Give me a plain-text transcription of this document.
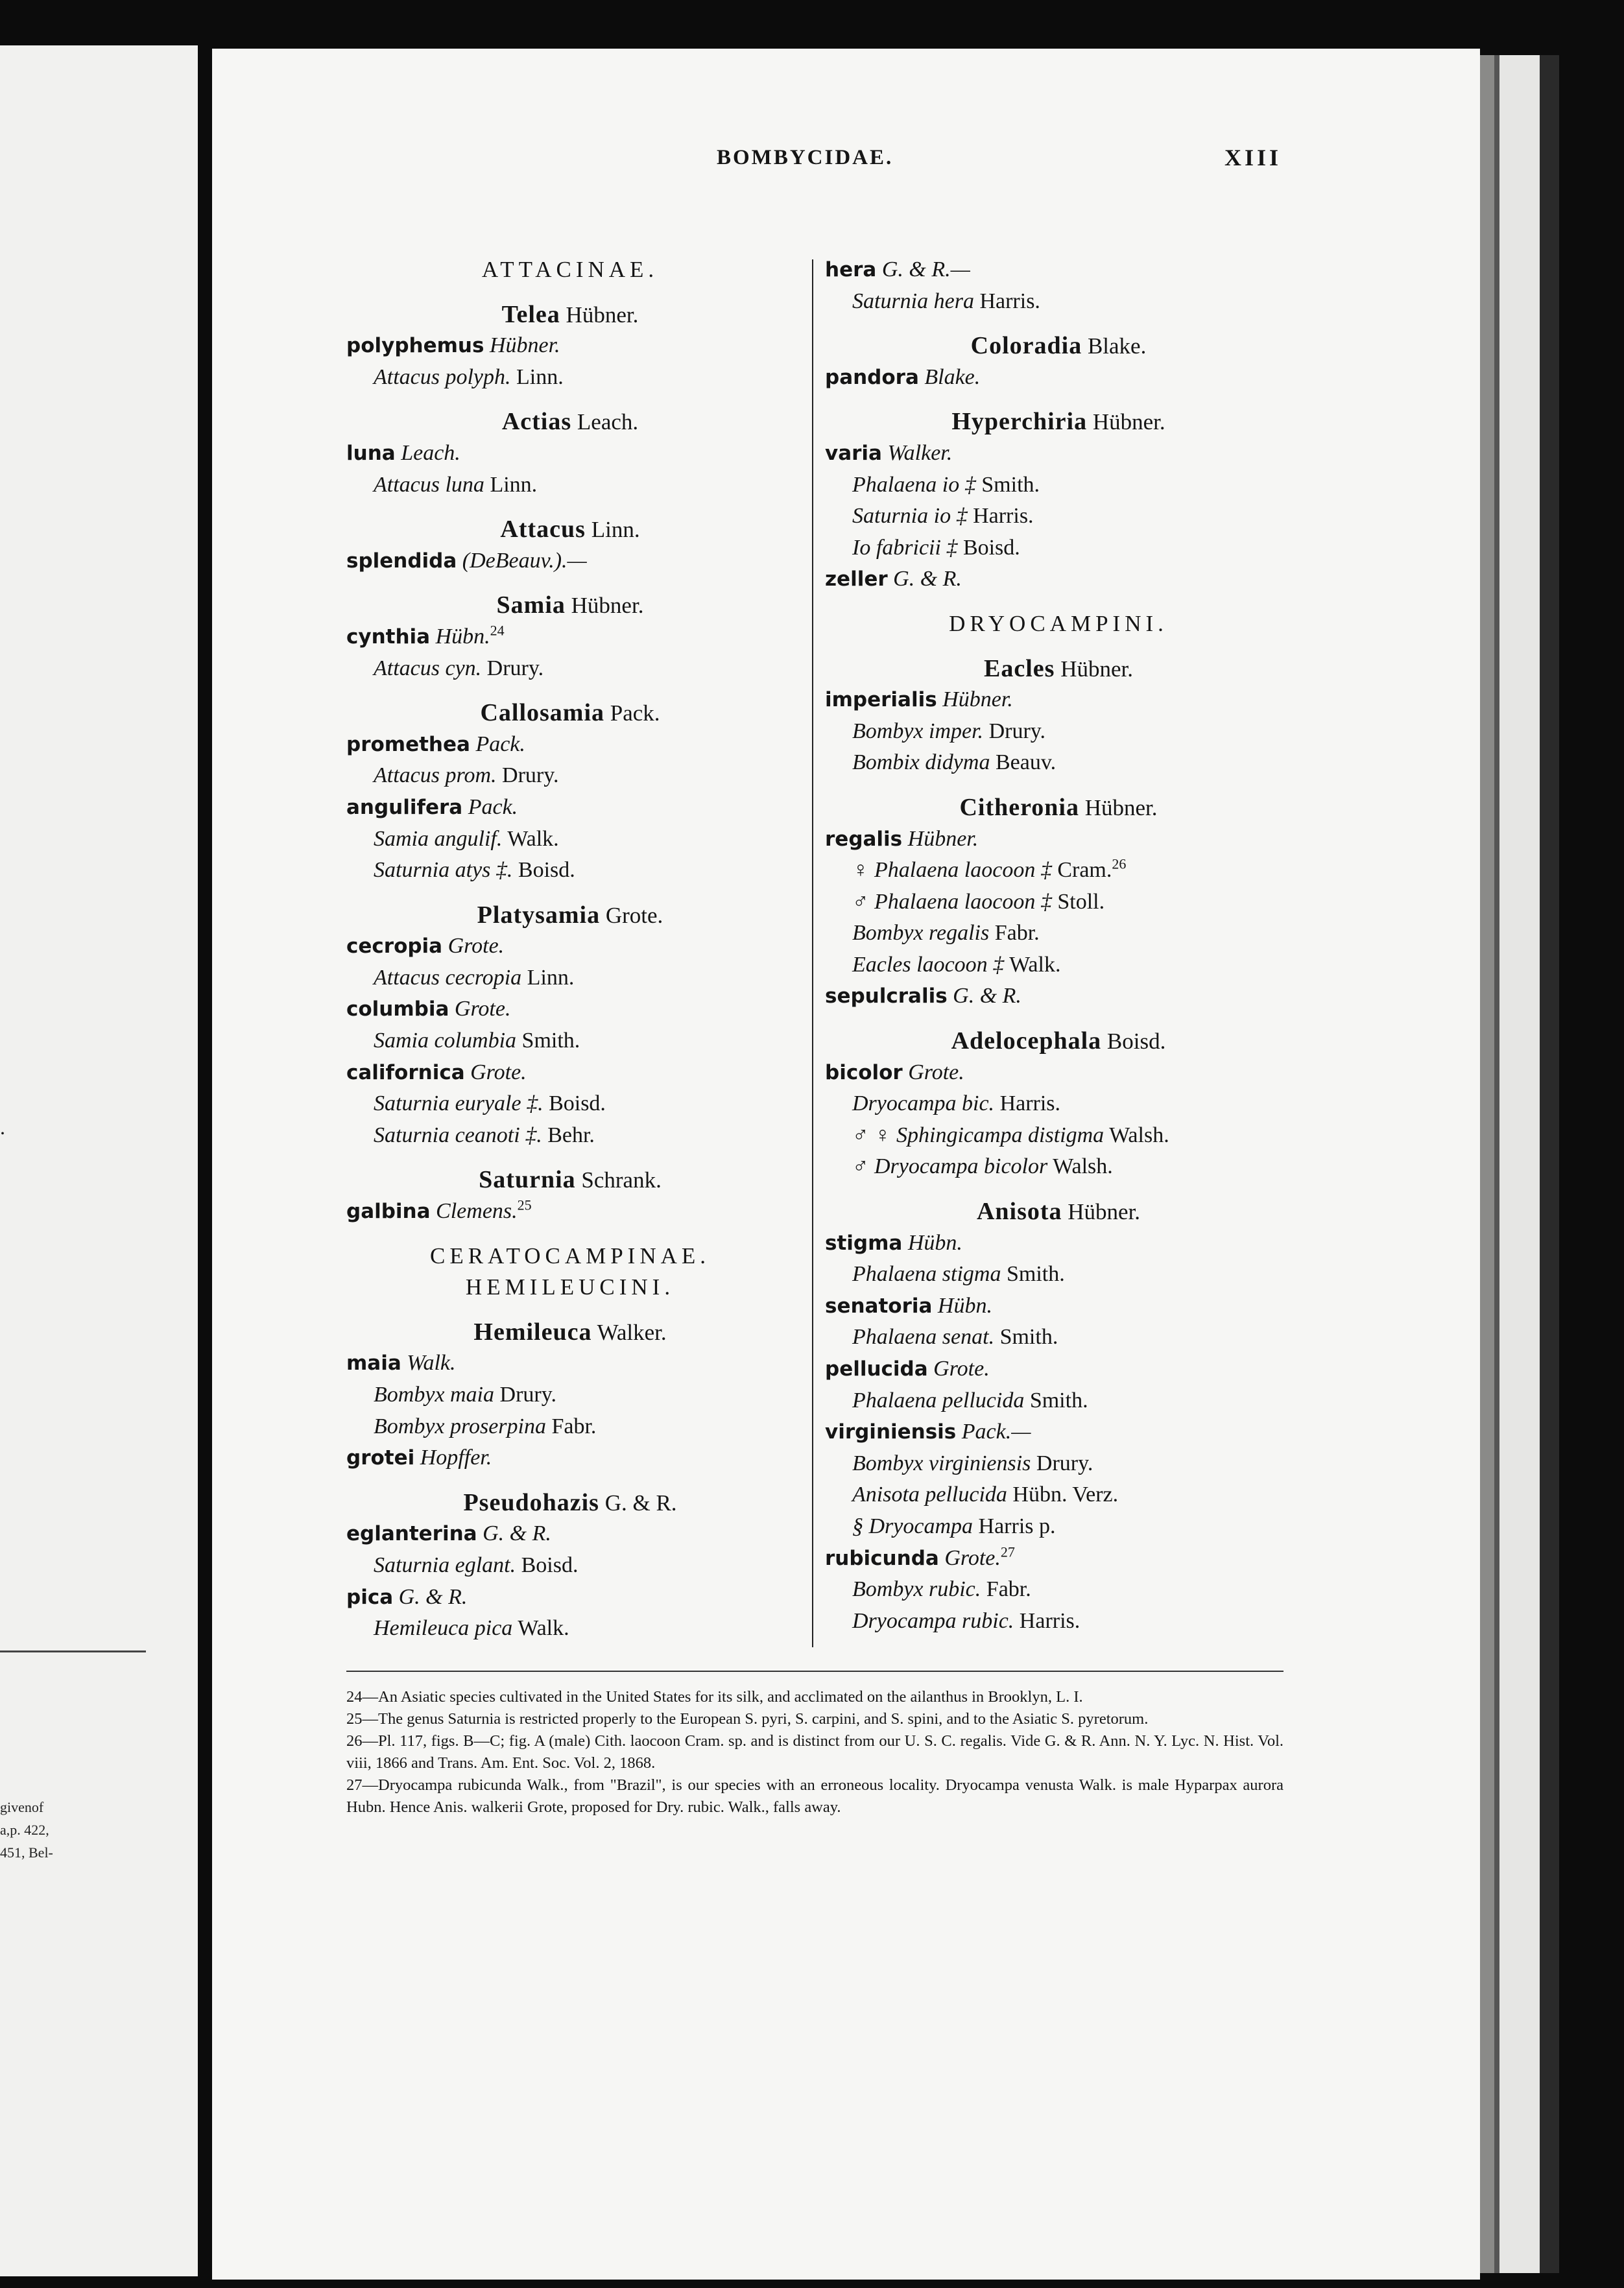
givenof
a,p. 422,
451, Bel-
.
BOMBYCIDAE.	XIII
ATTACINAE.
Telea Hübner.
polyphemus Hübner.
Attacus polyph. Linn.
Actias Leach.
luna Leach.
Attacus luna Linn.
Attacus Linn.
splendida (DeBeauv.).—
Samia Hübner.
cynthia Hübn.$^{24}$
Attacus cyn. Drury.
Callosamia Pack.
promethea Pack.
Attacus prom. Drury.
angulifera Pack.
Samia angulif. Walk.
Saturnia atys ‡. Boisd.
Platysamia Grote.
cecropia Grote.
Attacus cecropia Linn.
columbia Grote.
Samia columbia Smith.
californica Grote.
Saturnia euryale ‡. Boisd.
Saturnia ceanoti ‡. Behr.
Saturnia Schrank.
galbina Clemens.$^{25}$
CERATOCAMPINAE.
HEMILEUCINI.
Hemileuca Walker.
maia Walk.
Bombyx maia Drury.
Bombyx proserpina Fabr.
grotei Hopffer.
Pseudohazis G. & R.
eglanterina G. & R.
Saturnia eglant. Boisd.
pica G. & R.
Hemileuca pica Walk.
hera G. & R.—
Saturnia hera Harris.
Coloradia Blake.
pandora Blake.
Hyperchiria Hübner.
varia Walker.
Phalaena io ‡ Smith.
Saturnia io ‡ Harris.
Io fabricii ‡ Boisd.
zeller G. & R.
DRYOCAMPINI.
Eacles Hübner.
imperialis Hübner.
Bombyx imper. Drury.
Bombix didyma Beauv.
Citheronia Hübner.
regalis Hübner.
♀ Phalaena laocoon ‡ Cram.$^{26}$
♂ Phalaena laocoon ‡ Stoll.
Bombyx regalis Fabr.
Eacles laocoon ‡ Walk.
sepulcralis G. & R.
Adelocephala Boisd.
bicolor Grote.
Dryocampa bic. Harris.
♂ ♀ Sphingicampa distigma Walsh.
♂ Dryocampa bicolor Walsh.
Anisota Hübner.
stigma Hübn.
Phalaena stigma Smith.
senatoria Hübn.
Phalaena senat. Smith.
pellucida Grote.
Phalaena pellucida Smith.
virginiensis Pack.—
Bombyx virginiensis Drury.
Anisota pellucida Hübn. Verz.
§ Dryocampa Harris p.
rubicunda Grote.$^{27}$
Bombyx rubic. Fabr.
Dryocampa rubic. Harris.
24—An Asiatic species cultivated in the United States for its silk, and acclimated on the ailanthus in Brooklyn, L. I.
25—The genus Saturnia is restricted properly to the European S. pyri, S. carpini, and S. spini, and to the Asiatic S. pyretorum.
26—Pl. 117, figs. B—C; fig. A (male) Cith. laocoon Cram. sp. and is distinct from our U. S. C. regalis. Vide G. & R. Ann. N. Y. Lyc. N. Hist. Vol. viii, 1866 and Trans. Am. Ent. Soc. Vol. 2, 1868.
27—Dryocampa rubicunda Walk., from "Brazil", is our species with an erroneous locality. Dryocampa venusta Walk. is male Hyparpax aurora Hubn. Hence Anis. walkerii Grote, proposed for Dry. rubic. Walk., falls away.
